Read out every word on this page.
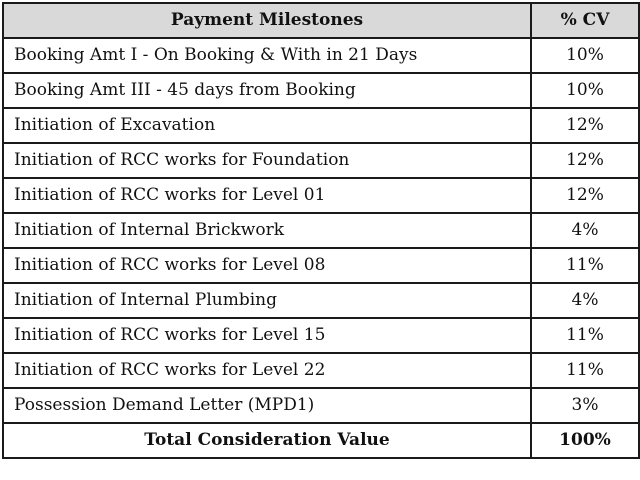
Payment Milestones	% CV
Booking Amt I - On Booking & With in 21 Days	10%
Booking Amt III - 45 days from Booking	10%
Initiation of Excavation	12%
Initiation of RCC works for Foundation	12%
Initiation of RCC works for Level 01	12%
Initiation of Internal Brickwork	4%
Initiation of RCC works for Level 08	11%
Initiation of Internal Plumbing	4%
Initiation of RCC works for Level 15	11%
Initiation of RCC works for Level 22	11%
Possession Demand Letter (MPD1)	3%
Total Consideration Value	100%
